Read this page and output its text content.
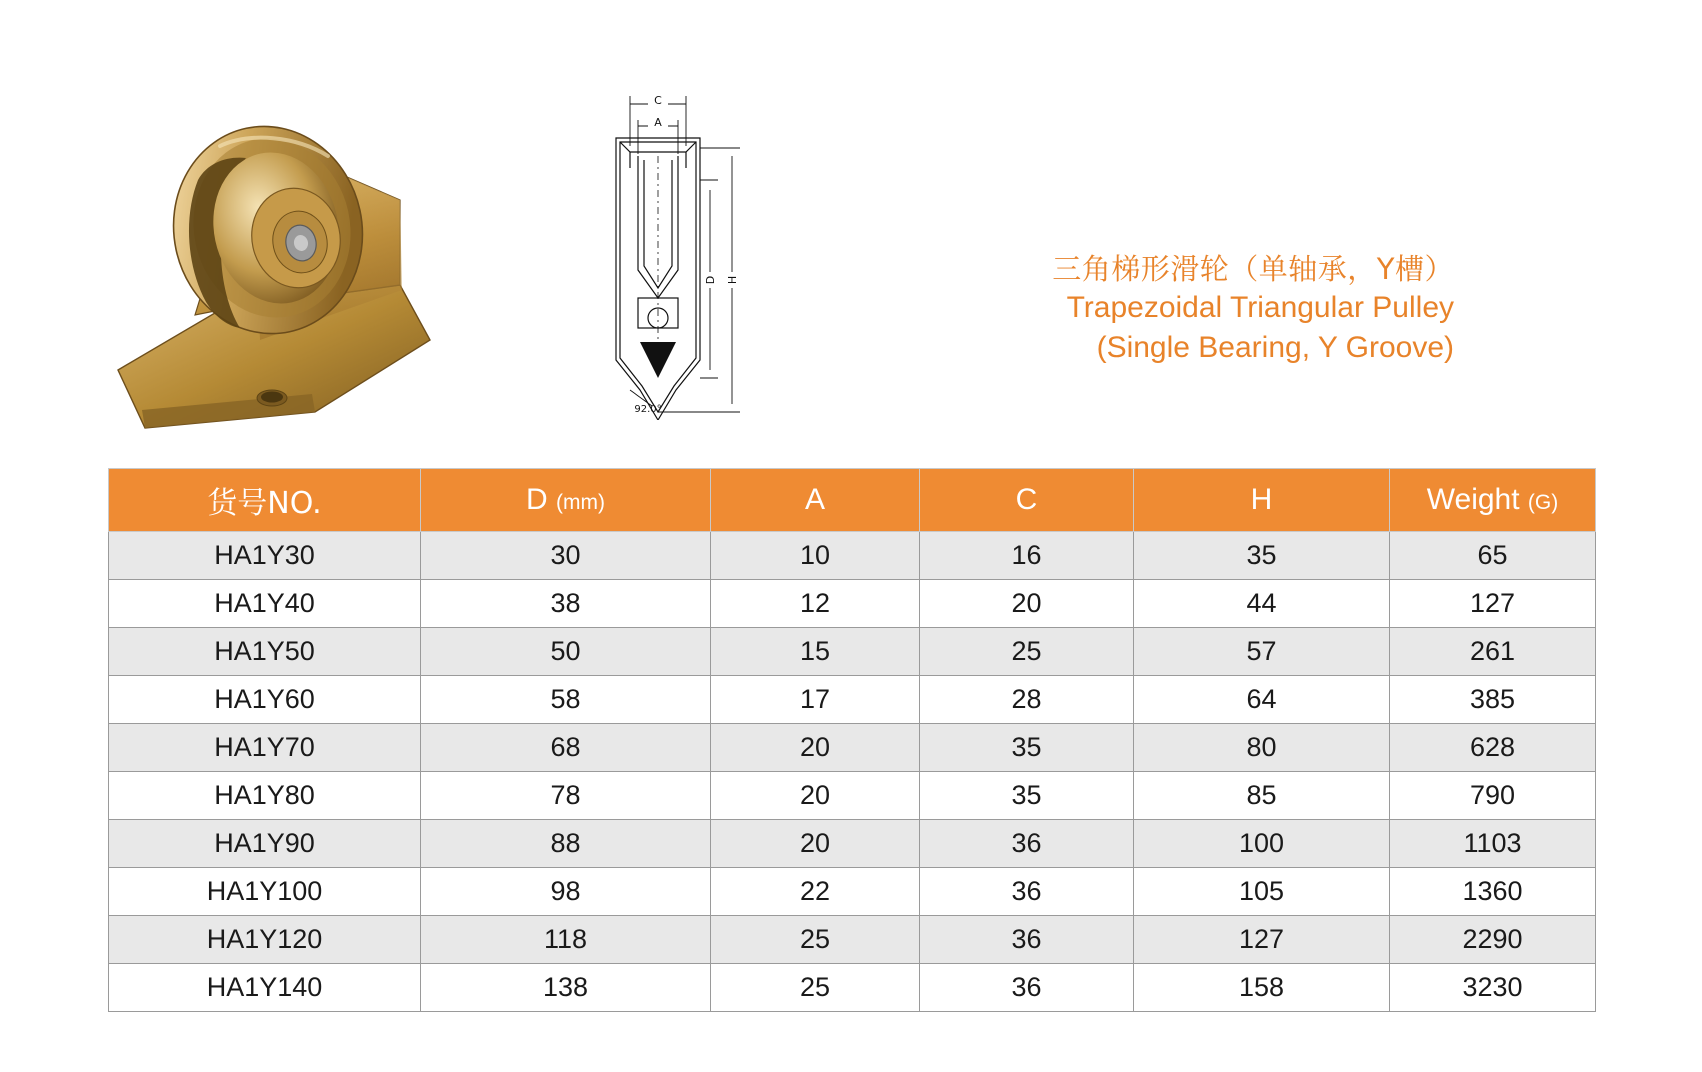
C
A
D H
92.0°
三角梯形滑轮（单轴承，Y槽）
Trapezoidal Triangular Pulley
(Single Bearing, Y Groove)
货号NO.	D (mm)	A	C	H	Weight (G)
HA1Y30	30	10	16	35	65
HA1Y40	38	12	20	44	127
HA1Y50	50	15	25	57	261
HA1Y60	58	17	28	64	385
HA1Y70	68	20	35	80	628
HA1Y80	78	20	35	85	790
HA1Y90	88	20	36	100	1103
HA1Y100	98	22	36	105	1360
HA1Y120	118	25	36	127	2290
HA1Y140	138	25	36	158	3230
